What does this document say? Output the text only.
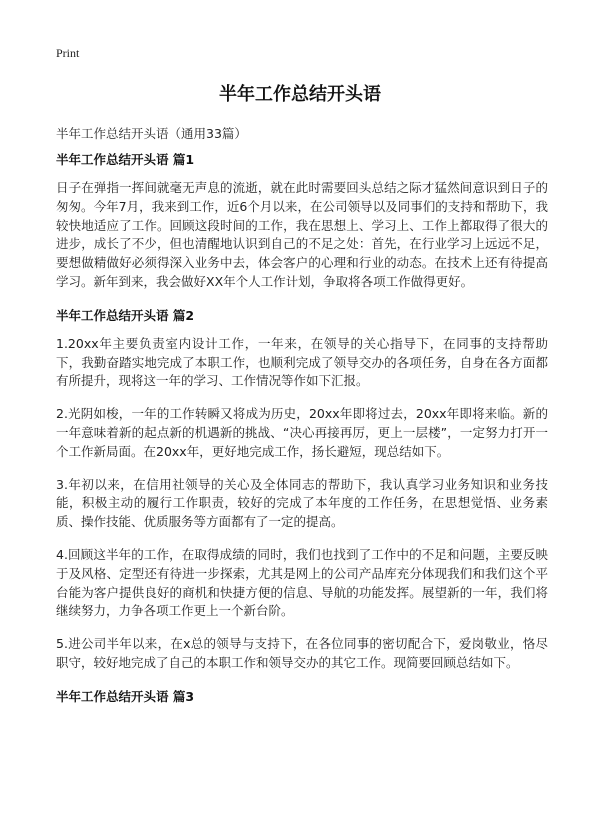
Print
半年工作总结开头语
半年工作总结开头语（通用33篇）
半年工作总结开头语 篇1

日子在弹指一挥间就毫无声息的流逝，就在此时需要回头总结之际才猛然间意识到日子的匆匆。今年7月，我来到工作，近6个月以来，在公司领导以及同事们的支持和帮助下，我较快地适应了工作。回顾这段时间的工作，我在思想上、学习上、工作上都取得了很大的进步，成长了不少，但也清醒地认识到自己的不足之处：首先，在行业学习上远远不足，要想做精做好必须得深入业务中去，体会客户的心理和行业的动态。在技术上还有待提高学习。新年到来，我会做好XX年个人工作计划，争取将各项工作做得更好。

半年工作总结开头语 篇2

1.20xx年主要负责室内设计工作，一年来，在领导的关心指导下，在同事的支持帮助下，我勤奋踏实地完成了本职工作，也顺利完成了领导交办的各项任务，自身在各方面都有所提升，现将这一年的学习、工作情况等作如下汇报。

2.光阴如梭，一年的工作转瞬又将成为历史，20xx年即将过去，20xx年即将来临。新的一年意味着新的起点新的机遇新的挑战、“决心再接再厉，更上一层楼”，一定努力打开一个工作新局面。在20xx年，更好地完成工作，扬长避短，现总结如下。

3.年初以来，在信用社领导的关心及全体同志的帮助下，我认真学习业务知识和业务技能，积极主动的履行工作职责，较好的完成了本年度的工作任务，在思想觉悟、业务素质、操作技能、优质服务等方面都有了一定的提高。

4.回顾这半年的工作，在取得成绩的同时，我们也找到了工作中的不足和问题，主要反映于及风格、定型还有待进一步探索，尤其是网上的公司产品库充分体现我们和我们这个平台能为客户提供良好的商机和快捷方便的信息、导航的功能发挥。展望新的一年，我们将继续努力，力争各项工作更上一个新台阶。

5.进公司半年以来，在x总的领导与支持下，在各位同事的密切配合下，爱岗敬业，恪尽职守，较好地完成了自己的本职工作和领导交办的其它工作。现简要回顾总结如下。

半年工作总结开头语 篇3
